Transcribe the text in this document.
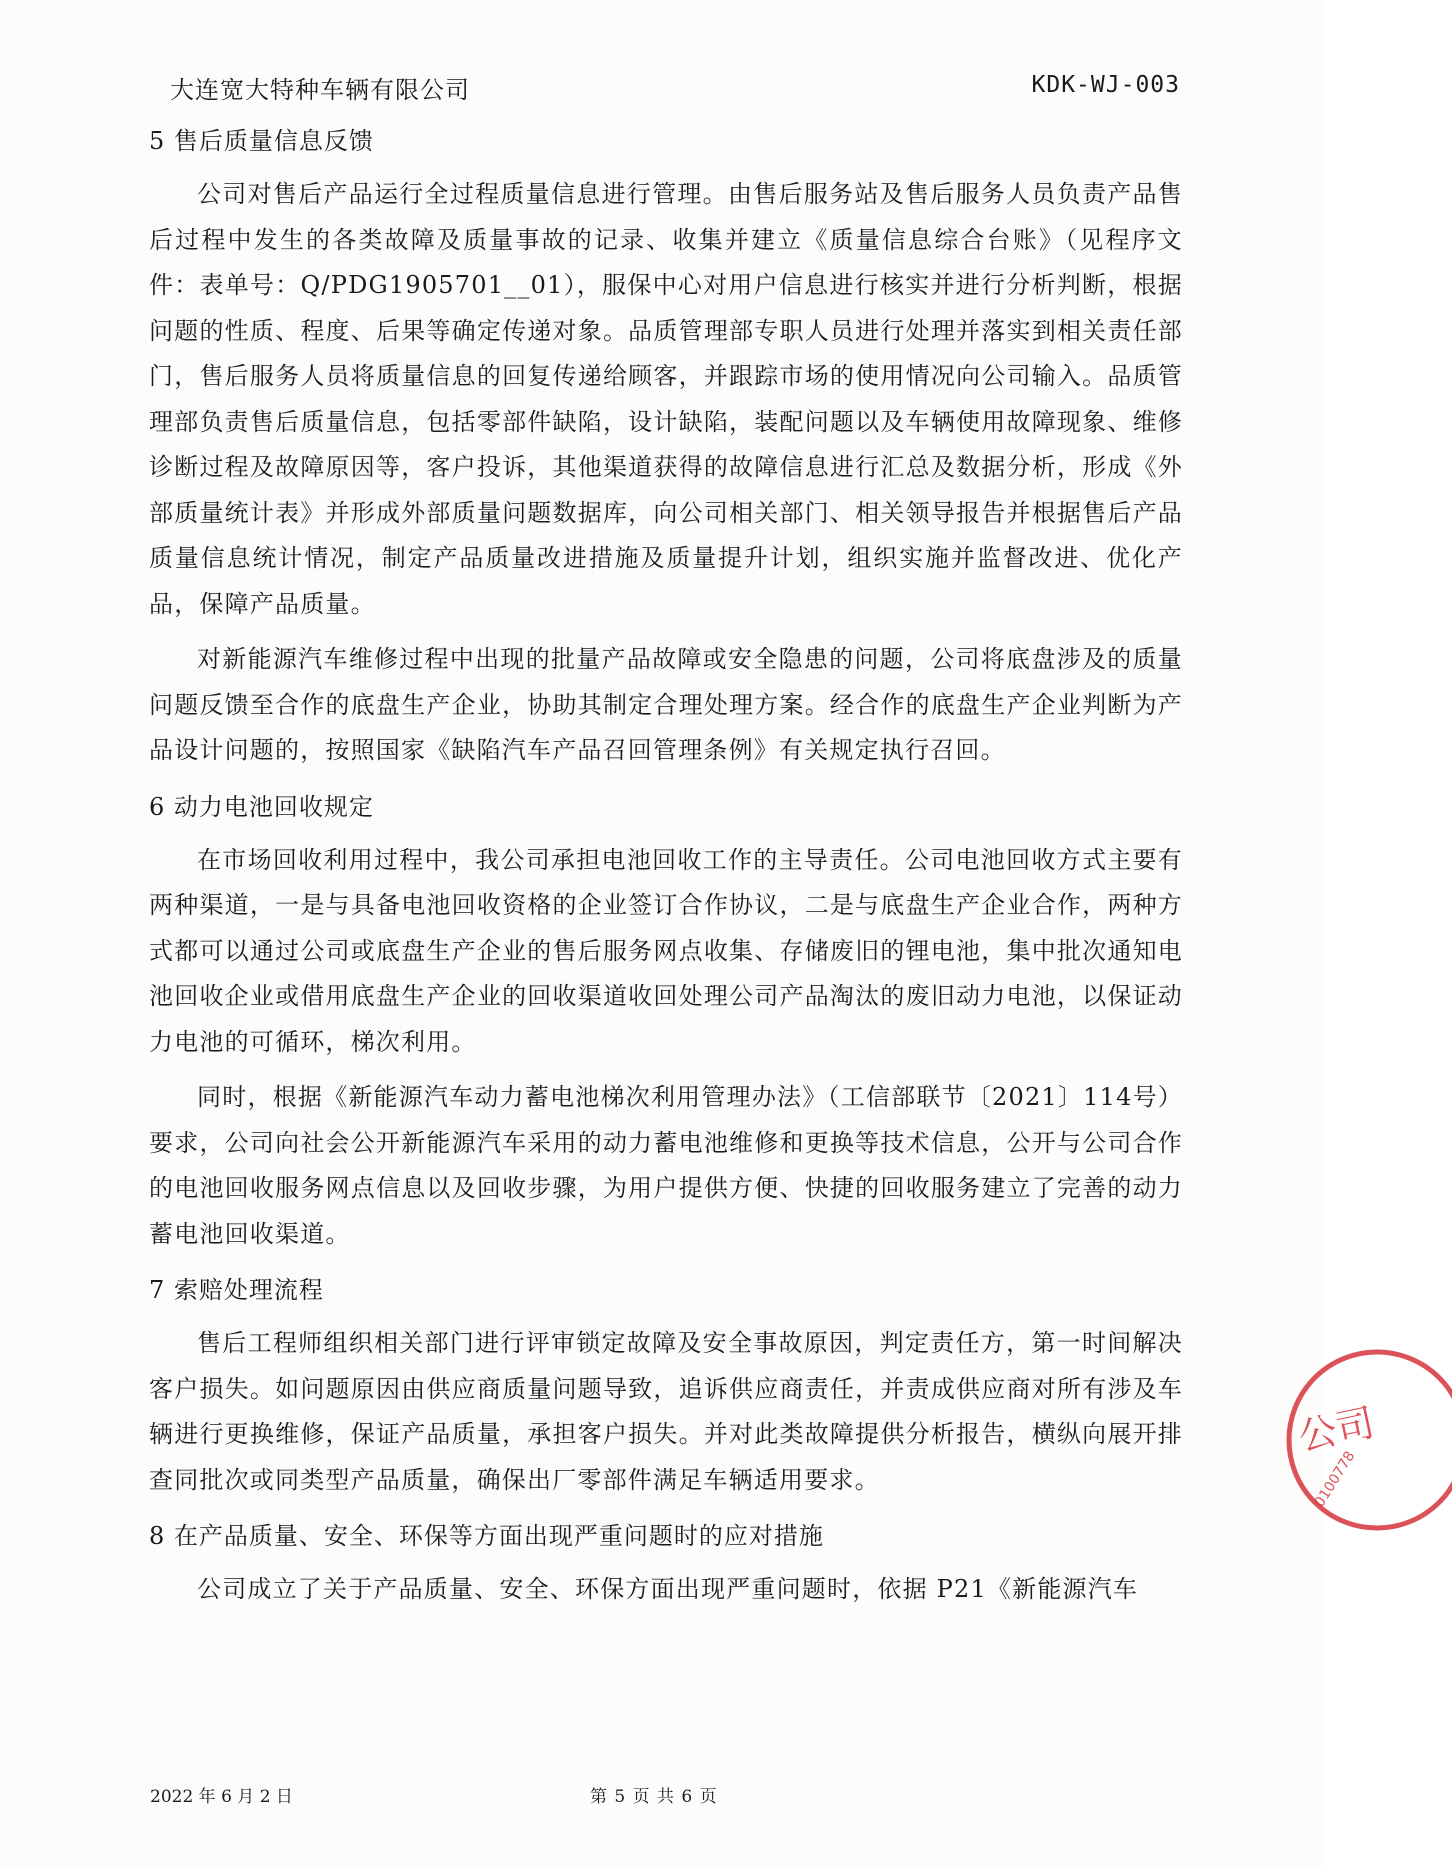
大连宽大特种车辆有限公司	KDK-WJ-003

5 售后质量信息反馈

公司对售后产品运行全过程质量信息进行管理。由售后服务站及售后服务人员负责产品售后过程中发生的各类故障及质量事故的记录、收集并建立《质量信息综合台账》（见程序文件：表单号：Q/PDG1905701__01），服保中心对用户信息进行核实并进行分析判断，根据问题的性质、程度、后果等确定传递对象。品质管理部专职人员进行处理并落实到相关责任部门，售后服务人员将质量信息的回复传递给顾客，并跟踪市场的使用情况向公司输入。品质管理部负责售后质量信息，包括零部件缺陷，设计缺陷，装配问题以及车辆使用故障现象、维修诊断过程及故障原因等，客户投诉，其他渠道获得的故障信息进行汇总及数据分析，形成《外部质量统计表》并形成外部质量问题数据库，向公司相关部门、相关领导报告并根据售后产品质量信息统计情况，制定产品质量改进措施及质量提升计划，组织实施并监督改进、优化产品，保障产品质量。

对新能源汽车维修过程中出现的批量产品故障或安全隐患的问题，公司将底盘涉及的质量问题反馈至合作的底盘生产企业，协助其制定合理处理方案。经合作的底盘生产企业判断为产品设计问题的，按照国家《缺陷汽车产品召回管理条例》有关规定执行召回。

6 动力电池回收规定

在市场回收利用过程中，我公司承担电池回收工作的主导责任。公司电池回收方式主要有两种渠道，一是与具备电池回收资格的企业签订合作协议，二是与底盘生产企业合作，两种方式都可以通过公司或底盘生产企业的售后服务网点收集、存储废旧的锂电池，集中批次通知电池回收企业或借用底盘生产企业的回收渠道收回处理公司产品淘汰的废旧动力电池，以保证动力电池的可循环，梯次利用。

同时，根据《新能源汽车动力蓄电池梯次利用管理办法》（工信部联节〔2021〕114号）要求，公司向社会公开新能源汽车采用的动力蓄电池维修和更换等技术信息，公开与公司合作的电池回收服务网点信息以及回收步骤，为用户提供方便、快捷的回收服务建立了完善的动力蓄电池回收渠道。

7 索赔处理流程

售后工程师组织相关部门进行评审锁定故障及安全事故原因，判定责任方，第一时间解决客户损失。如问题原因由供应商质量问题导致，追诉供应商责任，并责成供应商对所有涉及车辆进行更换维修，保证产品质量，承担客户损失。并对此类故障提供分析报告，横纵向展开排查同批次或同类型产品质量，确保出厂零部件满足车辆适用要求。

8 在产品质量、安全、环保等方面出现严重问题时的应对措施

公司成立了关于产品质量、安全、环保方面出现严重问题时，依据 P21《新能源汽车

2022 年 6 月 2 日	第 5 页 共 6 页
公司
0100778
